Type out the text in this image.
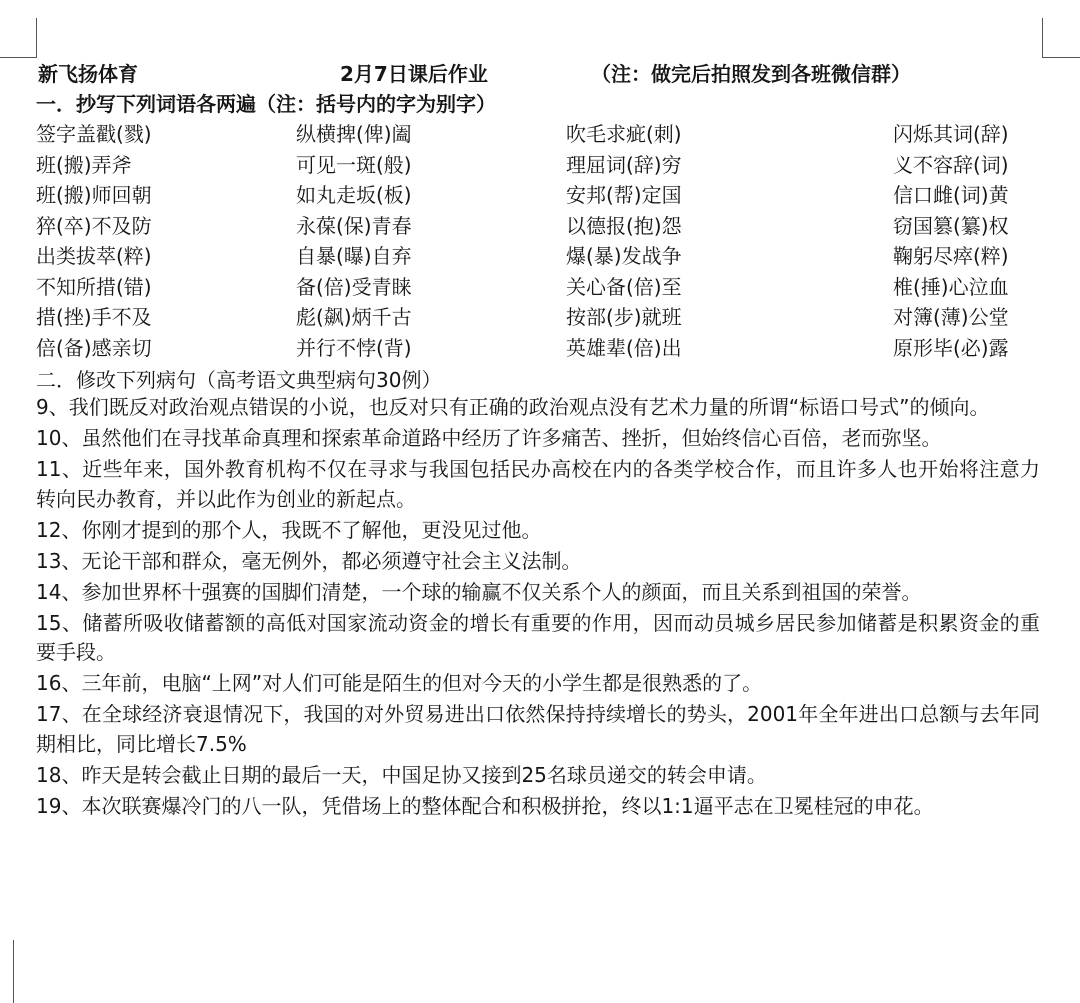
新飞扬体育	2月7日课后作业	（注：做完后拍照发到各班微信群）
一．抄写下列词语各两遍（注：括号内的字为别字）
签字盖戳(戮)	纵横捭(俾)阖	吹毛求疵(刺)	闪烁其词(辞)
班(搬)弄斧	可见一斑(般)	理屈词(辞)穷	义不容辞(词)
班(搬)师回朝	如丸走坂(板)	安邦(帮)定国	信口雌(词)黄
猝(卒)不及防	永葆(保)青春	以德报(抱)怨	窃国篡(纂)权
出类拔萃(粹)	自暴(曝)自弃	爆(暴)发战争	鞠躬尽瘁(粹)
不知所措(错)	备(倍)受青睐	关心备(倍)至	椎(捶)心泣血
措(挫)手不及	彪(飙)炳千古	按部(步)就班	对簿(薄)公堂
倍(备)感亲切	并行不悖(背)	英雄辈(倍)出	原形毕(必)露
二．修改下列病句（高考语文典型病句30例）

9、我们既反对政治观点错误的小说，也反对只有正确的政治观点没有艺术力量的所谓“标语口号式”的倾向。

10、虽然他们在寻找革命真理和探索革命道路中经历了许多痛苦、挫折，但始终信心百倍，老而弥坚。

11、近些年来，国外教育机构不仅在寻求与我国包括民办高校在内的各类学校合作，而且许多人也开始将注意力转向民办教育，并以此作为创业的新起点。

12、你刚才提到的那个人，我既不了解他，更没见过他。

13、无论干部和群众，毫无例外，都必须遵守社会主义法制。

14、参加世界杯十强赛的国脚们清楚，一个球的输赢不仅关系个人的颜面，而且关系到祖国的荣誉。

15、储蓄所吸收储蓄额的高低对国家流动资金的增长有重要的作用，因而动员城乡居民参加储蓄是积累资金的重要手段。

16、三年前，电脑“上网”对人们可能是陌生的但对今天的小学生都是很熟悉的了。

17、在全球经济衰退情况下，我国的对外贸易进出口依然保持持续增长的势头，2001年全年进出口总额与去年同期相比，同比增长7.5%

18、昨天是转会截止日期的最后一天，中国足协又接到25名球员递交的转会申请。

19、本次联赛爆冷门的八一队，凭借场上的整体配合和积极拼抢，终以1:1逼平志在卫冕桂冠的申花。
